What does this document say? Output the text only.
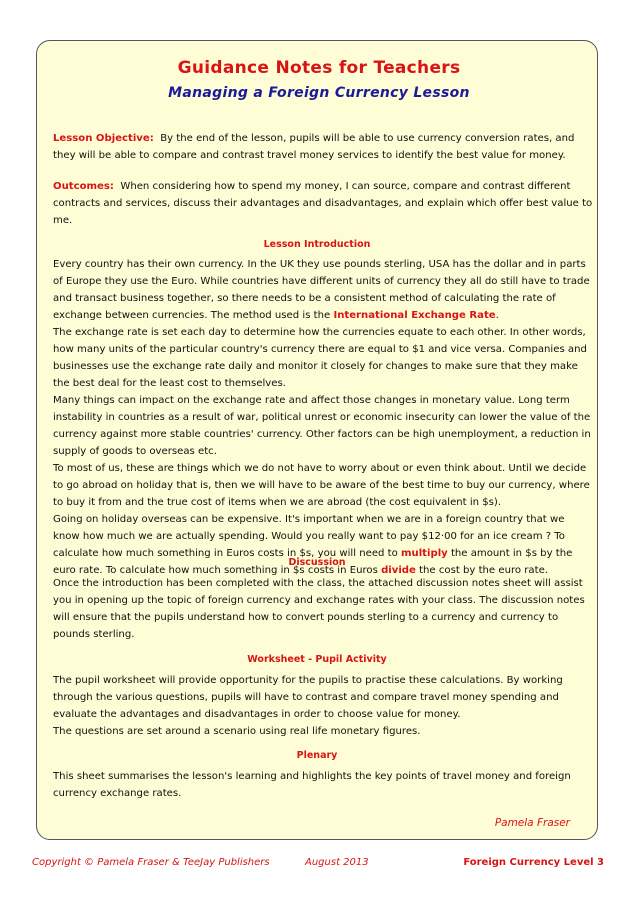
Guidance Notes for Teachers
Managing a Foreign Currency Lesson

Lesson Objective: By the end of the lesson, pupils will be able to use currency conversion rates, and they will be able to compare and contrast travel money services to identify the best value for money.

Outcomes: When considering how to spend my money, I can source, compare and contrast different contracts and services, discuss their advantages and disadvantages, and explain which offer best value to me.

Lesson Introduction

Every country has their own currency. In the UK they use pounds sterling, USA has the dollar and in parts of Europe they use the Euro. While countries have different units of currency they all do still have to trade and transact business together, so there needs to be a consistent method of calculating the rate of exchange between currencies. The method used is the International Exchange Rate.

The exchange rate is set each day to determine how the currencies equate to each other. In other words, how many units of the particular country's currency there are equal to $1 and vice versa. Companies and businesses use the exchange rate daily and monitor it closely for changes to make sure that they make the best deal for the least cost to themselves.

Many things can impact on the exchange rate and affect those changes in monetary value. Long term instability in countries as a result of war, political unrest or economic insecurity can lower the value of the currency against more stable countries' currency. Other factors can be high unemployment, a reduction in supply of goods to overseas etc.

To most of us, these are things which we do not have to worry about or even think about. Until we decide to go abroad on holiday that is, then we will have to be aware of the best time to buy our currency, where to buy it from and the true cost of items when we are abroad (the cost equivalent in $s).

Going on holiday overseas can be expensive. It's important when we are in a foreign country that we know how much we are actually spending. Would you really want to pay $12·00 for an ice cream ? To calculate how much something in Euros costs in $s, you will need to multiply the amount in $s by the euro rate. To calculate how much something in $s costs in Euros divide the cost by the euro rate.

Discussion

Once the introduction has been completed with the class, the attached discussion notes sheet will assist you in opening up the topic of foreign currency and exchange rates with your class. The discussion notes will ensure that the pupils understand how to convert pounds sterling to a currency and currency to pounds sterling.

Worksheet - Pupil Activity

The pupil worksheet will provide opportunity for the pupils to practise these calculations. By working through the various questions, pupils will have to contrast and compare travel money spending and evaluate the advantages and disadvantages in order to choose value for money.

The questions are set around a scenario using real life monetary figures.

Plenary

This sheet summarises the lesson's learning and highlights the key points of travel money and foreign currency exchange rates.

Pamela Fraser
Copyright © Pamela Fraser & TeeJay Publishers	August 2013	Foreign Currency Level 3
